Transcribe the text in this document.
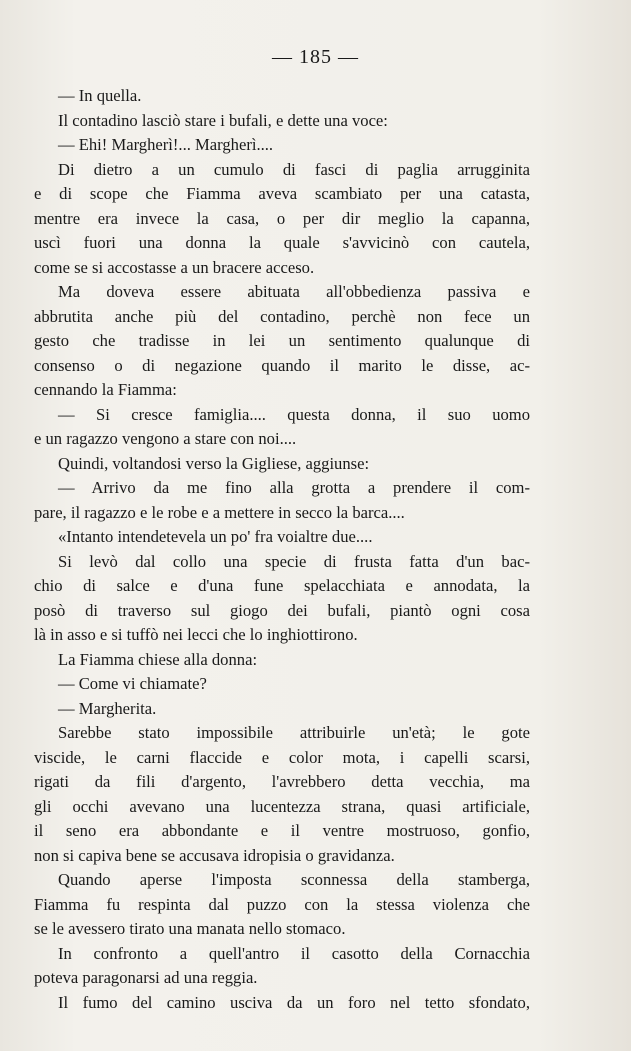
— 185 —
— In quella.
Il contadino lasciò stare i bufali, e dette una voce:
— Ehi! Margherì!... Margherì....
Di dietro a un cumulo di fasci di paglia arrugginita
e di scope che Fiamma aveva scambiato per una catasta,
mentre era invece la casa, o per dir meglio la capanna,
uscì fuori una donna la quale s'avvicinò con cautela,
come se si accostasse a un bracere acceso.
Ma doveva essere abituata all'obbedienza passiva e
abbrutita anche più del contadino, perchè non fece un
gesto che tradisse in lei un sentimento qualunque di
consenso o di negazione quando il marito le disse, ac-
cennando la Fiamma:
— Si cresce famiglia.... questa donna, il suo uomo
e un ragazzo vengono a stare con noi....
Quindi, voltandosi verso la Gigliese, aggiunse:
— Arrivo da me fino alla grotta a prendere il com-
pare, il ragazzo e le robe e a mettere in secco la barca....
«Intanto intendetevela un po' fra voialtre due....
Si levò dal collo una specie di frusta fatta d'un bac-
chio di salce e d'una fune spelacchiata e annodata, la
posò di traverso sul giogo dei bufali, piantò ogni cosa
là in asso e si tuffò nei lecci che lo inghiottirono.
La Fiamma chiese alla donna:
— Come vi chiamate?
— Margherita.
Sarebbe stato impossibile attribuirle un'età; le gote
viscide, le carni flaccide e color mota, i capelli scarsi,
rigati da fili d'argento, l'avrebbero detta vecchia, ma
gli occhi avevano una lucentezza strana, quasi artificiale,
il seno era abbondante e il ventre mostruoso, gonfio,
non si capiva bene se accusava idropisia o gravidanza.
Quando aperse l'imposta sconnessa della stamberga,
Fiamma fu respinta dal puzzo con la stessa violenza che
se le avessero tirato una manata nello stomaco.
In confronto a quell'antro il casotto della Cornacchia
poteva paragonarsi ad una reggia.
Il fumo del camino usciva da un foro nel tetto sfondato,
